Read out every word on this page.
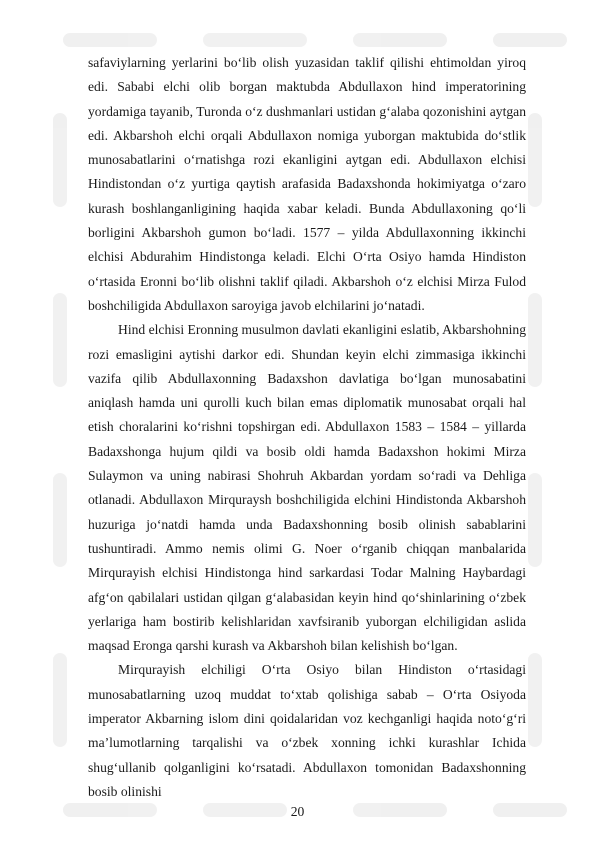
safaviylarning yerlarini bo‘lib olish yuzasidan taklif qilishi ehtimoldan yiroq edi. Sababi elchi olib borgan maktubda Abdullaxon hind imperatorining yordamiga tayanib, Turonda o‘z dushmanlari ustidan g‘alaba qozonishini aytgan edi. Akbarshoh elchi orqali Abdullaxon nomiga yuborgan maktubida do‘stlik munosabatlarini o‘rnatishga rozi ekanligini aytgan edi. Abdullaxon elchisi Hindistondan o‘z yurtiga qaytish arafasida Badaxshonda hokimiyatga o‘zaro kurash boshlanganligining haqida xabar keladi. Bunda Abdullaxoning qo‘li borligini Akbarshoh gumon bo‘ladi. 1577 – yilda Abdullaxonning ikkinchi elchisi Abdurahim Hindistonga keladi. Elchi O‘rta Osiyo hamda Hindiston o‘rtasida Eronni bo‘lib olishni taklif qiladi. Akbarshoh o‘z elchisi Mirza Fulod boshchiligida Abdullaxon saroyiga javob elchilarini jo‘natadi.

Hind elchisi Eronning musulmon davlati ekanligini eslatib, Akbarshohning rozi emasligini aytishi darkor edi. Shundan keyin elchi zimmasiga ikkinchi vazifa qilib Abdullaxonning Badaxshon davlatiga bo‘lgan munosabatini aniqlash hamda uni qurolli kuch bilan emas diplomatik munosabat orqali hal etish choralarini ko‘rishni topshirgan edi. Abdullaxon 1583 – 1584 – yillarda Badaxshonga hujum qildi va bosib oldi hamda Badaxshon hokimi Mirza Sulaymon va uning nabirasi Shohruh Akbardan yordam so‘radi va Dehliga otlanadi. Abdullaxon Mirquraysh boshchiligida elchini Hindistonda Akbarshoh huzuriga jo‘natdi hamda unda Badaxshonning bosib olinish sabablarini tushuntiradi. Ammo nemis olimi G. Noer o‘rganib chiqqan manbalarida Mirqurayish elchisi Hindistonga hind sarkardasi Todar Malning Haybardagi afg‘on qabilalari ustidan qilgan g‘alabasidan keyin hind qo‘shinlarining o‘zbek yerlariga ham bostirib kelishlaridan xavfsiranib yuborgan elchiligidan aslida maqsad Eronga qarshi kurash va Akbarshoh bilan kelishish bo‘lgan.

Mirqurayish elchiligi O‘rta Osiyo bilan Hindiston o‘rtasidagi munosabatlarning uzoq muddat to‘xtab qolishiga sabab – O‘rta Osiyoda imperator Akbarning islom dini qoidalaridan voz kechganligi haqida noto‘g‘ri ma’lumotlarning tarqalishi va o‘zbek xonning ichki kurashlar Ichida shug‘ullanib qolganligini ko‘rsatadi. Abdullaxon tomonidan Badaxshonning bosib olinishi

20
